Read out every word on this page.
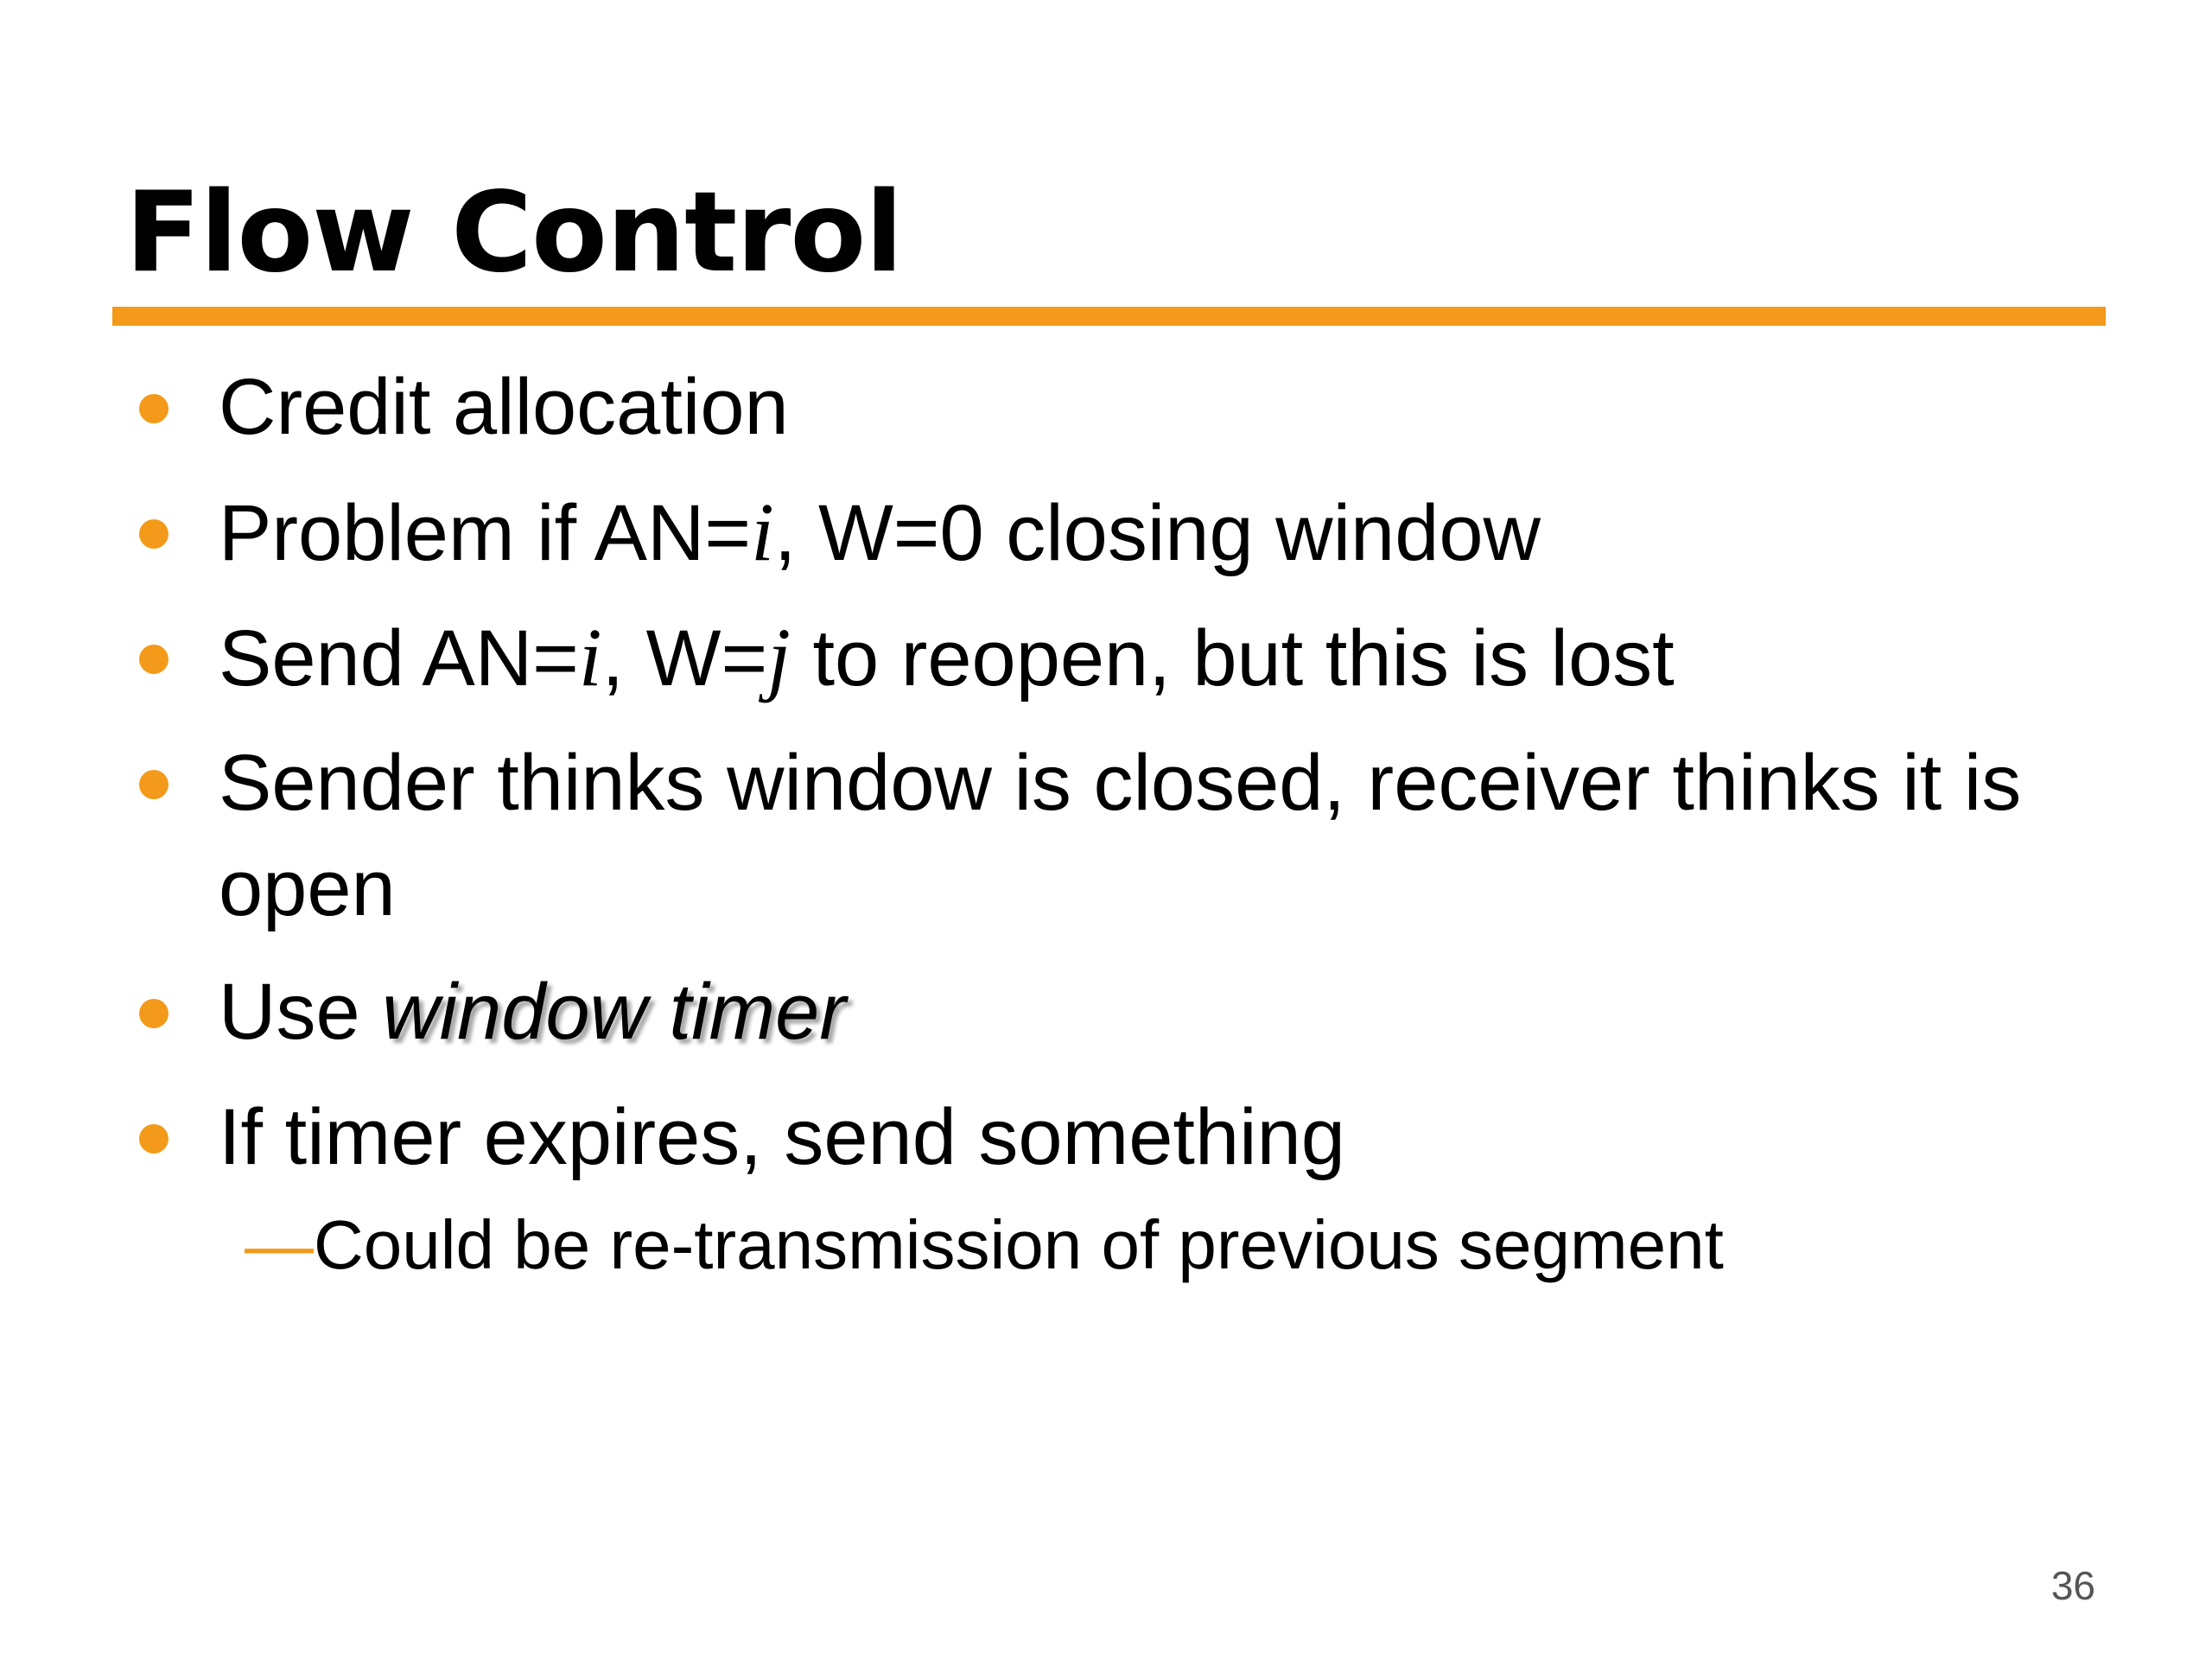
Flow Control
Credit allocation
Problem if AN=i, W=0 closing window
Send AN=i, W=j to reopen, but this is lost
Sender thinks window is closed, receiver thinks it is open
Use window timer
If timer expires, send something
—Could be re-transmission of previous segment
36
